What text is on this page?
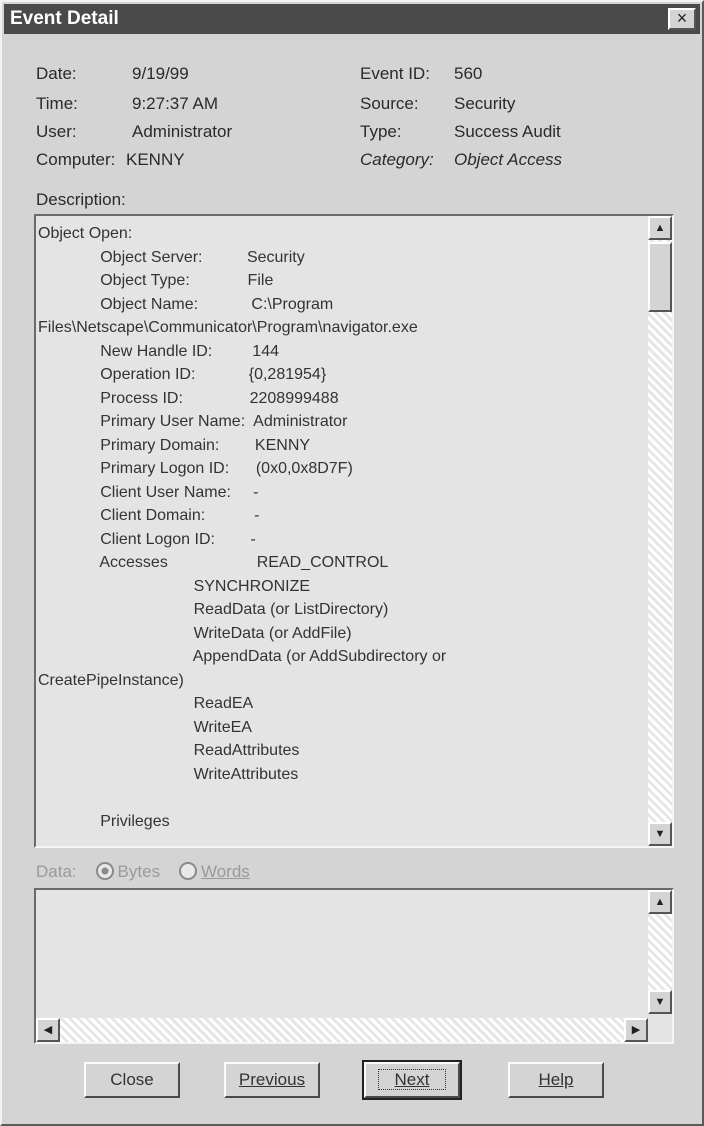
Event Detail	×
Date:	9/19/99
Time:	9:27:37 AM
User:	Administrator
Computer: KENNY
Event ID: 560
Source: Security
Type:	Success Audit
Category: Object Access
Description:
Object Open:
Object Server:          Security
Object Type:             File
Object Name:            C:\Program
Files\Netscape\Communicator\Program\navigator.exe
New Handle ID:         144
Operation ID:            {0,281954}
Process ID:               2208999488
Primary User Name:  Administrator
Primary Domain:        KENNY
Primary Logon ID:      (0x0,0x8D7F)
Client User Name:     -
Client Domain:           -
Client Logon ID:        -
Accesses                    READ_CONTROL
SYNCHRONIZE
ReadData (or ListDirectory)
WriteData (or AddFile)
AppendData (or AddSubdirectory or
CreatePipeInstance)
ReadEA
WriteEA
ReadAttributes
WriteAttributes

Privileges
▲
▼
Data: Bytes Words
▲
▼
◀	▶
Close	Previous	Next	Help
